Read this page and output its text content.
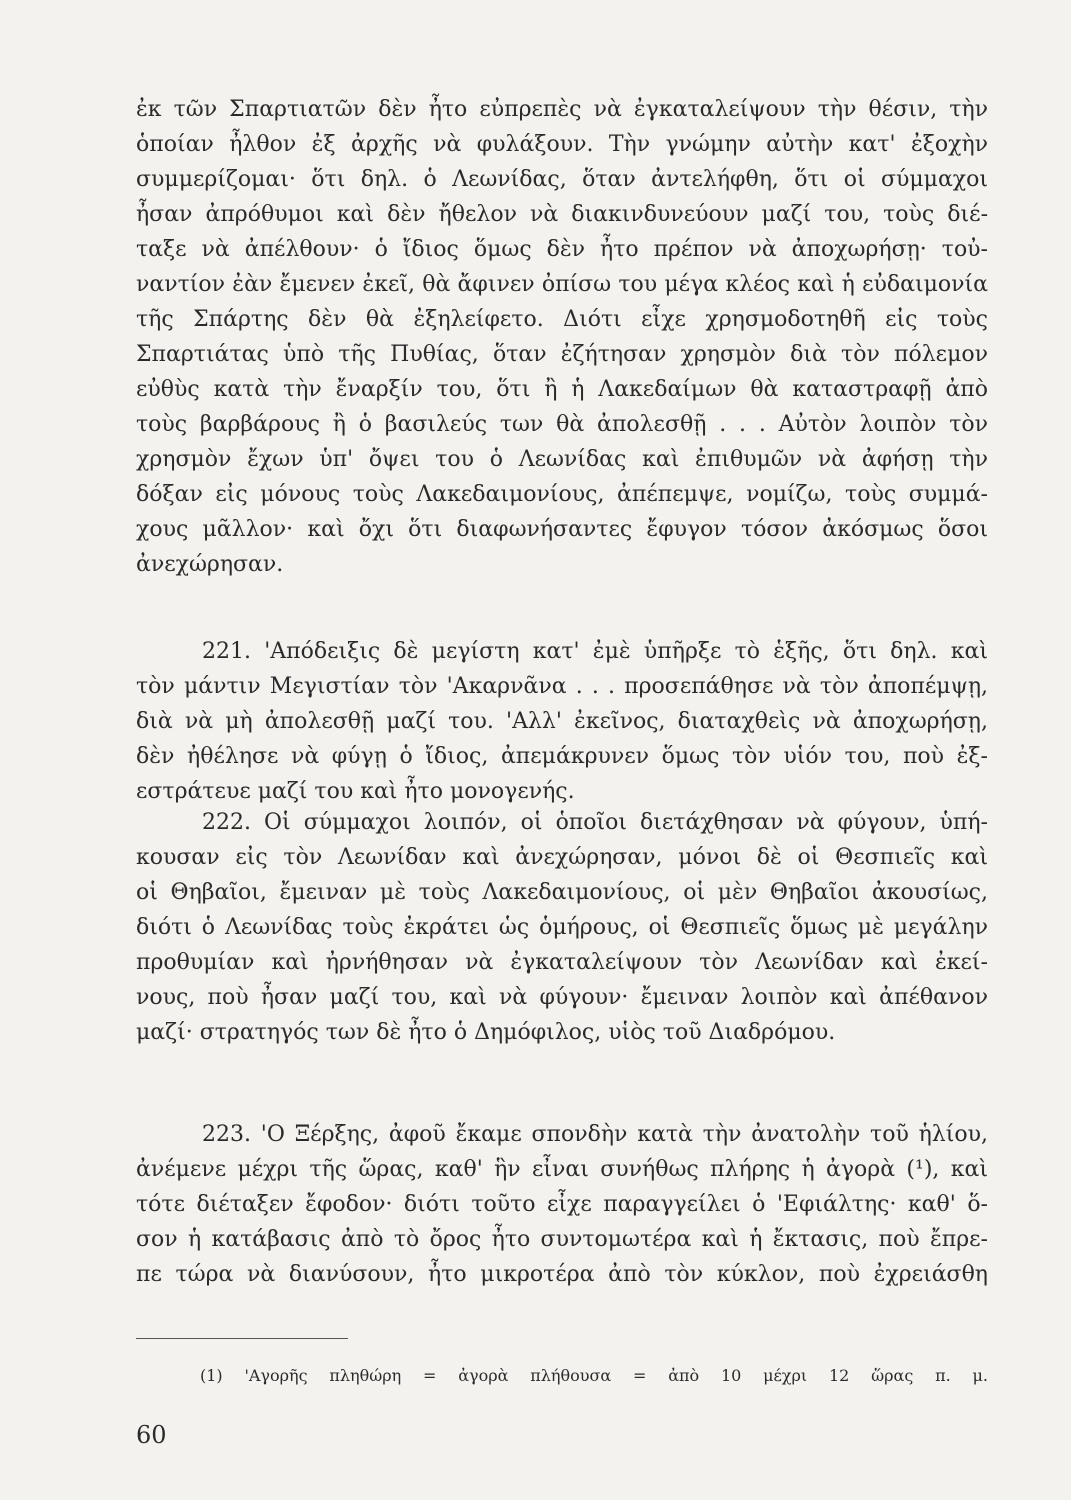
ἐκ τῶν Σπαρτιατῶν δὲν ἦτο εὐπρεπὲς νὰ ἐγκαταλείψουν τὴν θέσιν, τὴν
ὁποίαν ἦλθον ἐξ ἀρχῆς νὰ φυλάξουν. Τὴν γνώμην αὐτὴν κατ' ἐξοχὴν
συμμερίζομαι· ὅτι δηλ. ὁ Λεωνίδας, ὅταν ἀντελήφθη, ὅτι οἱ σύμμαχοι
ἦσαν ἀπρόθυμοι καὶ δὲν ἤθελον νὰ διακινδυνεύουν μαζί του, τοὺς διέ-
ταξε νὰ ἀπέλθουν· ὁ ἴδιος ὅμως δὲν ἦτο πρέπον νὰ ἀποχωρήσῃ· τοὐ-
ναντίον ἐὰν ἔμενεν ἐκεῖ, θὰ ἄφινεν ὀπίσω του μέγα κλέος καὶ ἡ εὐδαιμονία
τῆς Σπάρτης δὲν θὰ ἐξηλείφετο. Διότι εἶχε χρησμοδοτηθῆ εἰς τοὺς
Σπαρτιάτας ὑπὸ τῆς Πυθίας, ὅταν ἐζήτησαν χρησμὸν διὰ τὸν πόλεμον
εὐθὺς κατὰ τὴν ἔναρξίν του, ὅτι ἢ ἡ Λακεδαίμων θὰ καταστραφῇ ἀπὸ
τοὺς βαρβάρους ἢ ὁ βασιλεύς των θὰ ἀπολεσθῇ . . . Αὐτὸν λοιπὸν τὸν
χρησμὸν ἔχων ὑπ' ὄψει του ὁ Λεωνίδας καὶ ἐπιθυμῶν νὰ ἀφήσῃ τὴν
δόξαν εἰς μόνους τοὺς Λακεδαιμονίους, ἀπέπεμψε, νομίζω, τοὺς συμμά-
χους μᾶλλον· καὶ ὄχι ὅτι διαφωνήσαντες ἔφυγον τόσον ἀκόσμως ὅσοι
ἀνεχώρησαν.
221. 'Απόδειξις δὲ μεγίστη κατ' ἐμὲ ὑπῆρξε τὸ ἑξῆς, ὅτι δηλ. καὶ
τὸν μάντιν Μεγιστίαν τὸν 'Ακαρνᾶνα . . . προσεπάθησε νὰ τὸν ἀποπέμψῃ,
διὰ νὰ μὴ ἀπολεσθῇ μαζί του. 'Αλλ' ἐκεῖνος, διαταχθεὶς νὰ ἀποχωρήσῃ,
δὲν ἠθέλησε νὰ φύγῃ ὁ ἴδιος, ἀπεμάκρυνεν ὅμως τὸν υἱόν του, ποὺ ἐξ-
εστράτευε μαζί του καὶ ἦτο μονογενής.
222. Οἱ σύμμαχοι λοιπόν, οἱ ὁποῖοι διετάχθησαν νὰ φύγουν, ὑπή-
κουσαν εἰς τὸν Λεωνίδαν καὶ ἀνεχώρησαν, μόνοι δὲ οἱ Θεσπιεῖς καὶ
οἱ Θηβαῖοι, ἔμειναν μὲ τοὺς Λακεδαιμονίους, οἱ μὲν Θηβαῖοι ἀκουσίως,
διότι ὁ Λεωνίδας τοὺς ἐκράτει ὡς ὁμήρους, οἱ Θεσπιεῖς ὅμως μὲ μεγάλην
προθυμίαν καὶ ἠρνήθησαν νὰ ἐγκαταλείψουν τὸν Λεωνίδαν καὶ ἐκεί-
νους, ποὺ ἦσαν μαζί του, καὶ νὰ φύγουν· ἔμειναν λοιπὸν καὶ ἀπέθανον
μαζί· στρατηγός των δὲ ἦτο ὁ Δημόφιλος, υἱὸς τοῦ Διαδρόμου.
223. 'Ο Ξέρξης, ἀφοῦ ἔκαμε σπονδὴν κατὰ τὴν ἀνατολὴν τοῦ ἡλίου,
ἀνέμενε μέχρι τῆς ὥρας, καθ' ἣν εἶναι συνήθως πλήρης ἡ ἀγορὰ (¹), καὶ
τότε διέταξεν ἔφοδον· διότι τοῦτο εἶχε παραγγείλει ὁ 'Εφιάλτης· καθ' ὅ-
σον ἡ κατάβασις ἀπὸ τὸ ὄρος ἦτο συντομωτέρα καὶ ἡ ἔκτασις, ποὺ ἔπρε-
πε τώρα νὰ διανύσουν, ἦτο μικροτέρα ἀπὸ τὸν κύκλον, ποὺ ἐχρειάσθη
(1) 'Αγορῆς πληθώρη = ἀγορὰ πλήθουσα = ἀπὸ 10 μέχρι 12 ὥρας π. μ.
60
